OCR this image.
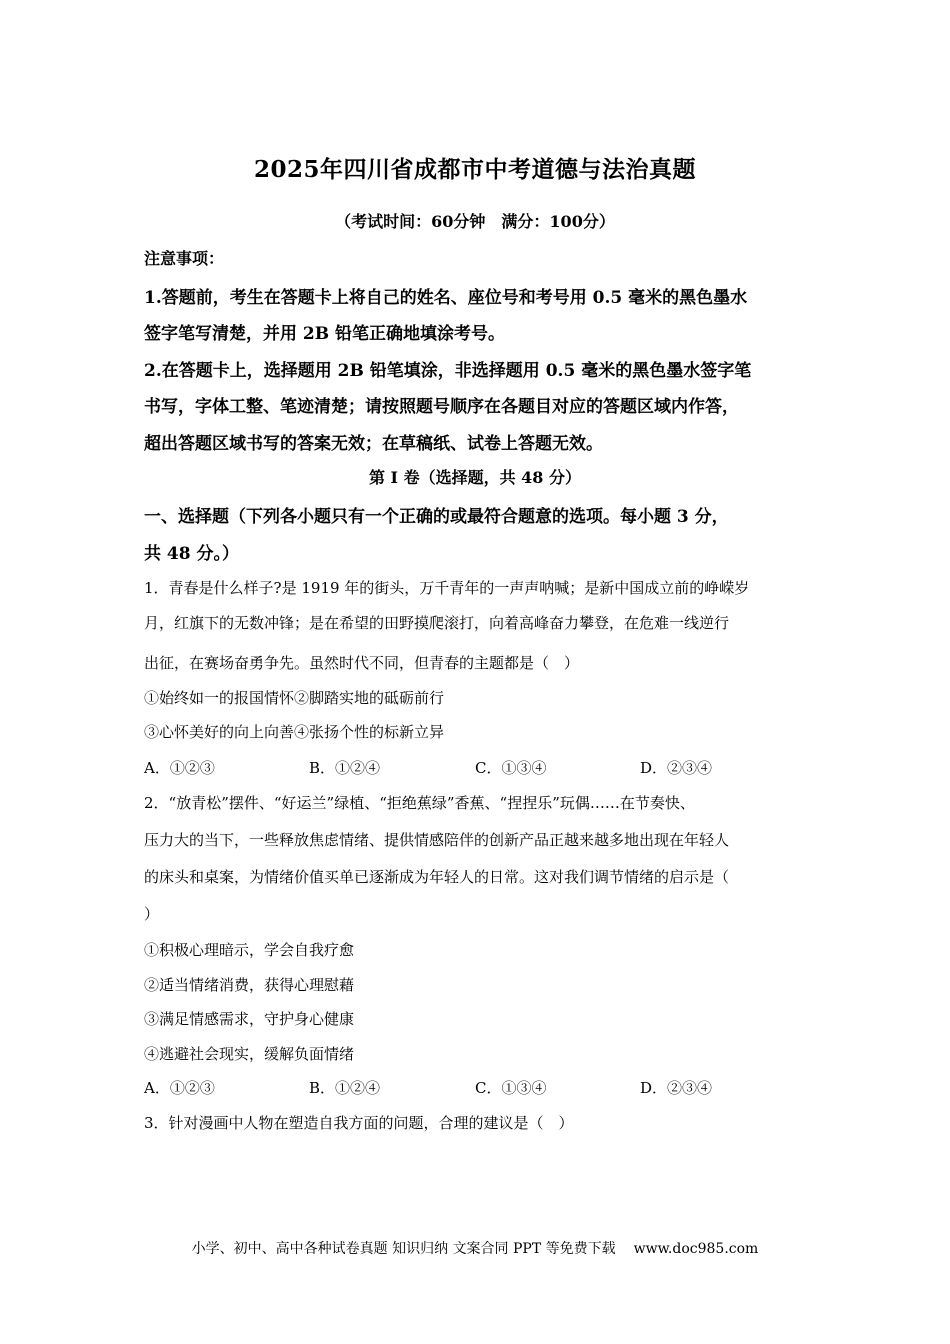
2025年四川省成都市中考道德与法治真题
（考试时间：60分钟　满分：100分）
注意事项：
1.答题前，考生在答题卡上将自己的姓名、座位号和考号用 0.5 毫米的黑色墨水
签字笔写清楚，并用 2B 铅笔正确地填涂考号。
2.在答题卡上，选择题用 2B 铅笔填涂，非选择题用 0.5 毫米的黑色墨水签字笔
书写，字体工整、笔迹清楚；请按照题号顺序在各题目对应的答题区域内作答，
超出答题区域书写的答案无效；在草稿纸、试卷上答题无效。
第 I 卷（选择题，共 48 分）
一、选择题（下列各小题只有一个正确的或最符合题意的选项。每小题 3 分，
共 48 分。）
1．青春是什么样子?是 1919 年的街头，万千青年的一声声呐喊；是新中国成立前的峥嵘岁
月，红旗下的无数冲锋；是在希望的田野摸爬滚打，向着高峰奋力攀登，在危难一线逆行
出征，在赛场奋勇争先。虽然时代不同，但青春的主题都是（　）
①始终如一的报国情怀②脚踏实地的砥砺前行
③心怀美好的向上向善④张扬个性的标新立异
A．①②③	B．①②④	C．①③④	D．②③④
2．“放青松”摆件、“好运兰”绿植、“拒绝蕉绿”香蕉、“捏捏乐”玩偶……在节奏快、
压力大的当下，一些释放焦虑情绪、提供情感陪伴的创新产品正越来越多地出现在年轻人
的床头和桌案，为情绪价值买单已逐渐成为年轻人的日常。这对我们调节情绪的启示是（
）
①积极心理暗示，学会自我疗愈
②适当情绪消费，获得心理慰藉
③满足情感需求，守护身心健康
④逃避社会现实，缓解负面情绪
A．①②③	B．①②④	C．①③④	D．②③④
3．针对漫画中人物在塑造自我方面的问题，合理的建议是（　）
小学、初中、高中各种试卷真题 知识归纳 文案合同 PPT 等免费下载 www.doc985.com
